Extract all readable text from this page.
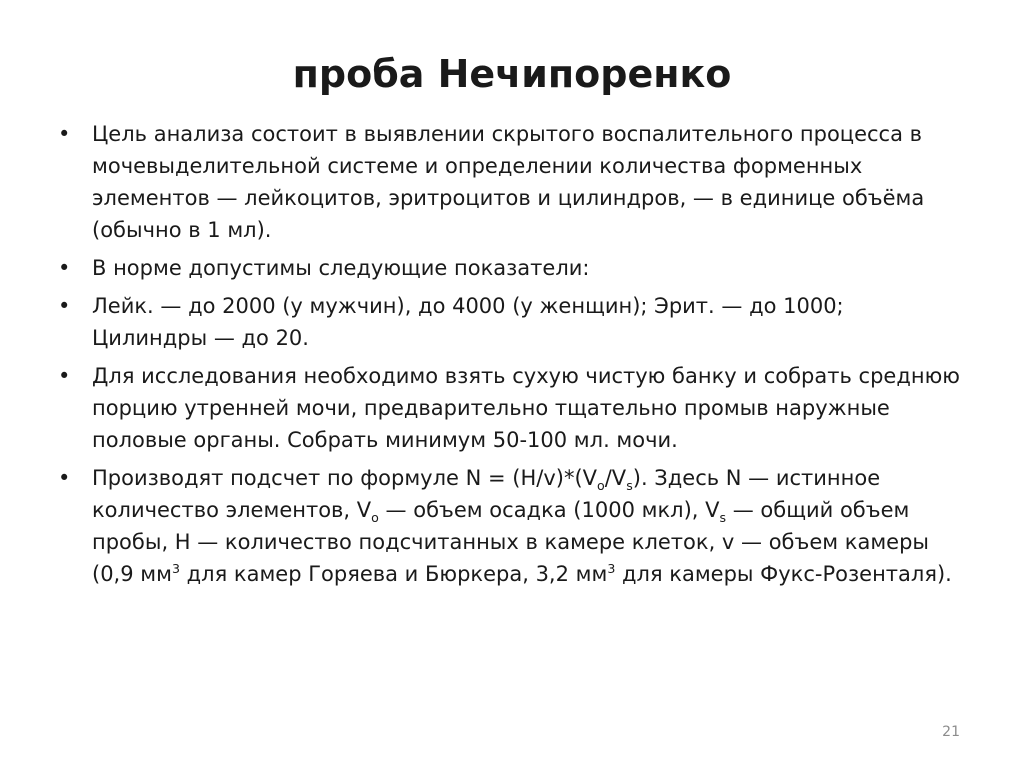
проба Нечипоренко
•	Цель анализа состоит в выявлении скрытого воспалительного процесса в мочевыделительной системе и определении количества форменных элементов — лейкоцитов, эритроцитов и цилиндров, — в единице объёма (обычно в 1 мл).
•	В норме допустимы следующие показатели:
•	Лейк. — до 2000 (у мужчин), до 4000 (у женщин); Эрит. — до 1000; Цилиндры — до 20.
•	Для исследования необходимо взять сухую чистую банку и собрать среднюю порцию утренней мочи, предварительно тщательно промыв наружные половые органы. Собрать минимум 50-100 мл. мочи.
•	Производят подсчет по формуле $N = (H/v)*(V_o/V_s)$. Здесь N — истинное количество элементов, $V_o$ — объем осадка (1000 мкл), $V_s$ — общий объем пробы, H — количество подсчитанных в камере клеток, v — объем камеры (0,9 $мм^3$ для камер Горяева и Бюркера, 3,2 $мм^3$ для камеры Фукс-Розенталя).
21
